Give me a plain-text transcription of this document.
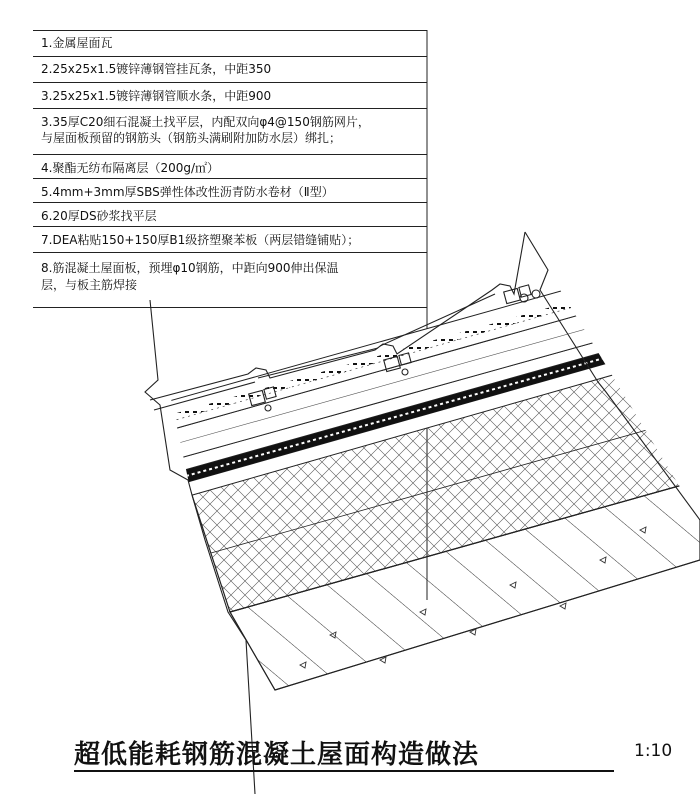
1.金属屋面瓦
2.25x25x1.5镀锌薄钢管挂瓦条，中距350
3.25x25x1.5镀锌薄钢管顺水条，中距900
3.35厚C20细石混凝土找平层，内配双向φ4@150钢筋网片，
与屋面板预留的钢筋头（钢筋头满刷附加防水层）绑扎；
4.聚酯无纺布隔离层（200g/㎡）
5.4mm+3mm厚SBS弹性体改性沥青防水卷材（Ⅱ型）
6.20厚DS砂浆找平层
7.DEA粘贴150+150厚B1级挤塑聚苯板（两层错缝铺贴）；
8.筋混凝土屋面板，预埋φ10钢筋，中距向900伸出保温
层，与板主筋焊接
超低能耗钢筋混凝土屋面构造做法	1:10
